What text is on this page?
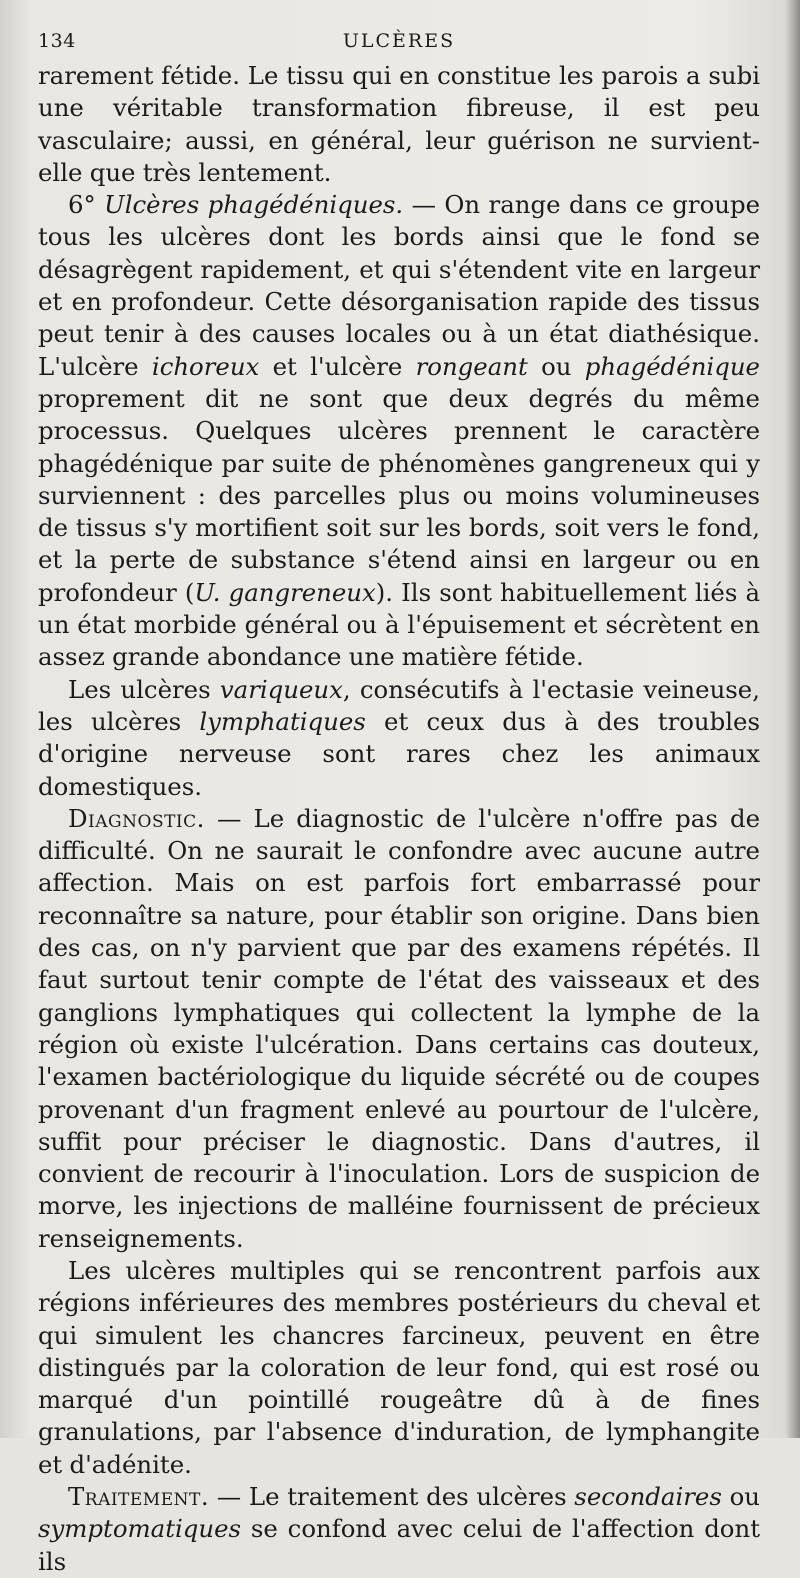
134	ULCÈRES

rarement fétide. Le tissu qui en constitue les parois a subi une véritable transformation fibreuse, il est peu vasculaire; aussi, en général, leur guérison ne survient-elle que très lentement.

6° Ulcères phagédéniques. — On range dans ce groupe tous les ulcères dont les bords ainsi que le fond se désagrègent rapidement, et qui s'étendent vite en largeur et en profondeur. Cette désorganisation rapide des tissus peut tenir à des causes locales ou à un état diathésique. L'ulcère ichoreux et l'ulcère rongeant ou phagédénique proprement dit ne sont que deux degrés du même processus. Quelques ulcères prennent le caractère phagédénique par suite de phénomènes gangreneux qui y surviennent : des parcelles plus ou moins volumineuses de tissus s'y mortifient soit sur les bords, soit vers le fond, et la perte de substance s'étend ainsi en largeur ou en profondeur (U. gangreneux). Ils sont habituellement liés à un état morbide général ou à l'épuisement et sécrètent en assez grande abondance une matière fétide.

Les ulcères variqueux, consécutifs à l'ectasie veineuse, les ulcères lymphatiques et ceux dus à des troubles d'origine nerveuse sont rares chez les animaux domestiques.

Diagnostic. — Le diagnostic de l'ulcère n'offre pas de difficulté. On ne saurait le confondre avec aucune autre affection. Mais on est parfois fort embarrassé pour reconnaître sa nature, pour établir son origine. Dans bien des cas, on n'y parvient que par des examens répétés. Il faut surtout tenir compte de l'état des vaisseaux et des ganglions lymphatiques qui collectent la lymphe de la région où existe l'ulcération. Dans certains cas douteux, l'examen bactériologique du liquide sécrété ou de coupes provenant d'un fragment enlevé au pourtour de l'ulcère, suffit pour préciser le diagnostic. Dans d'autres, il convient de recourir à l'inoculation. Lors de suspicion de morve, les injections de malléine fournissent de précieux renseignements.

Les ulcères multiples qui se rencontrent parfois aux régions inférieures des membres postérieurs du cheval et qui simulent les chancres farcineux, peuvent en être distingués par la coloration de leur fond, qui est rosé ou marqué d'un pointillé rougeâtre dû à de fines granulations, par l'absence d'induration, de lymphangite et d'adénite.

Traitement. — Le traitement des ulcères secondaires ou symptomatiques se confond avec celui de l'affection dont ils
